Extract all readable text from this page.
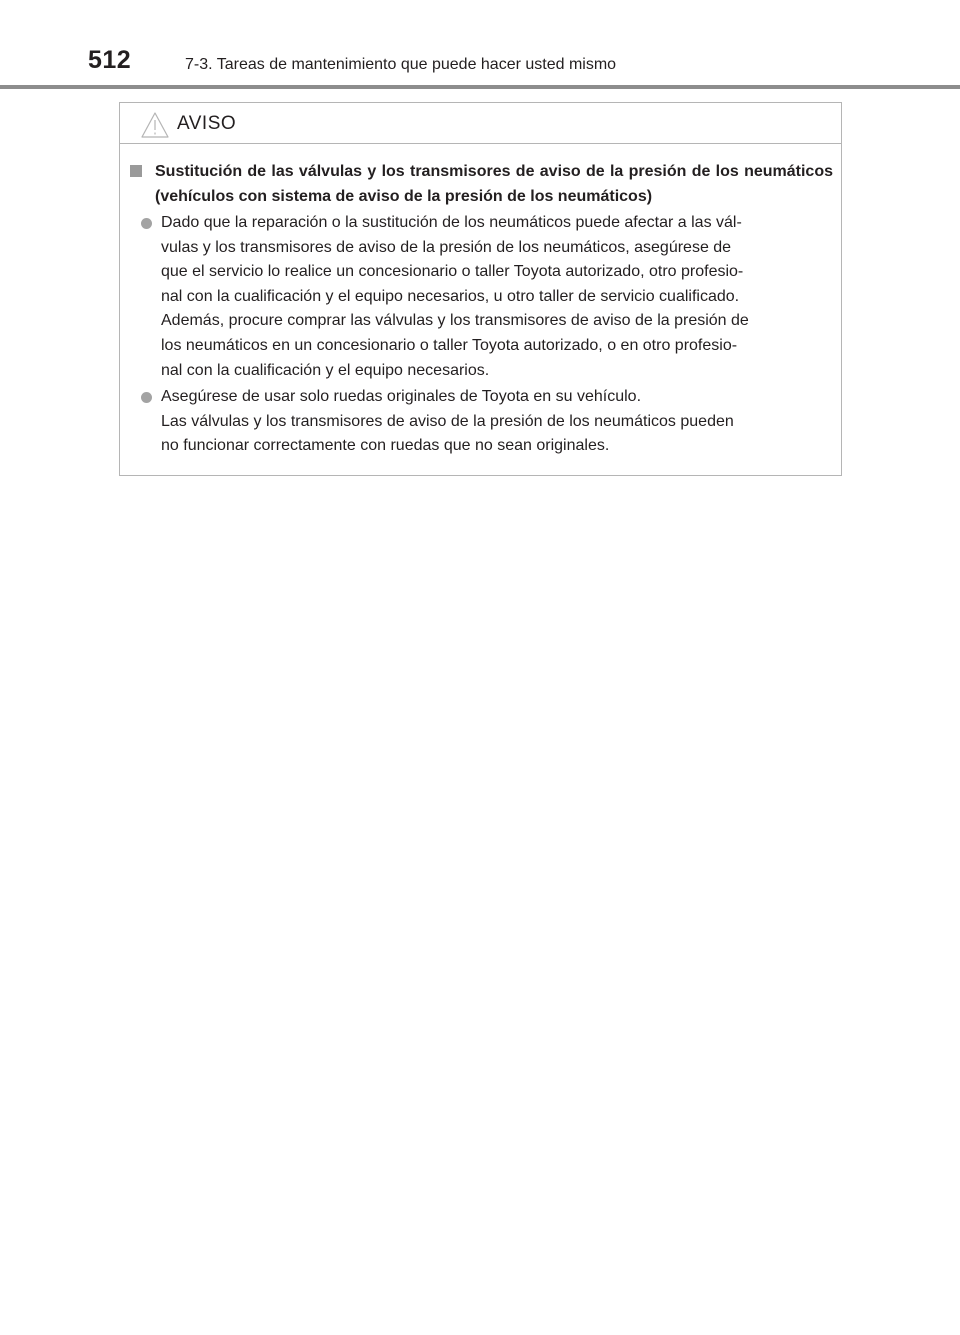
512	7-3. Tareas de mantenimiento que puede hacer usted mismo
AVISO

Sustitución de las válvulas y los transmisores de aviso de la presión de los neumáticos (vehículos con sistema de aviso de la presión de los neumáticos)

Dado que la reparación o la sustitución de los neumáticos puede afectar a las vál-
vulas y los transmisores de aviso de la presión de los neumáticos, asegúrese de
que el servicio lo realice un concesionario o taller Toyota autorizado, otro profesio-
nal con la cualificación y el equipo necesarios, u otro taller de servicio cualificado.
Además, procure comprar las válvulas y los transmisores de aviso de la presión de
los neumáticos en un concesionario o taller Toyota autorizado, o en otro profesio-
nal con la cualificación y el equipo necesarios.

Asegúrese de usar solo ruedas originales de Toyota en su vehículo.
Las válvulas y los transmisores de aviso de la presión de los neumáticos pueden
no funcionar correctamente con ruedas que no sean originales.
